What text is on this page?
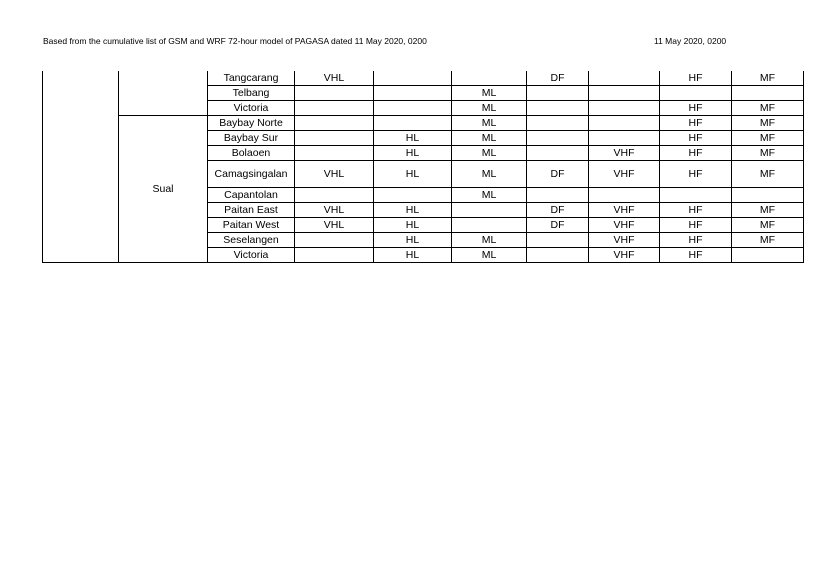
Based from the cumulative list of GSM and WRF 72-hour model of PAGASA dated 11 May 2020, 0200	11 May 2020, 0200
		Tangcarang	VHL			DF		HF	MF
		Telbang			ML				
		Victoria			ML			HF	MF
	Sual	Baybay Norte			ML			HF	MF
		Baybay Sur		HL	ML			HF	MF
		Bolaoen		HL	ML		VHF	HF	MF
		Camagsingalan	VHL	HL	ML	DF	VHF	HF	MF
		Capantolan			ML				
		Paitan East	VHL	HL		DF	VHF	HF	MF
		Paitan West	VHL	HL		DF	VHF	HF	MF
		Seselangen		HL	ML		VHF	HF	MF
		Victoria		HL	ML		VHF	HF	
